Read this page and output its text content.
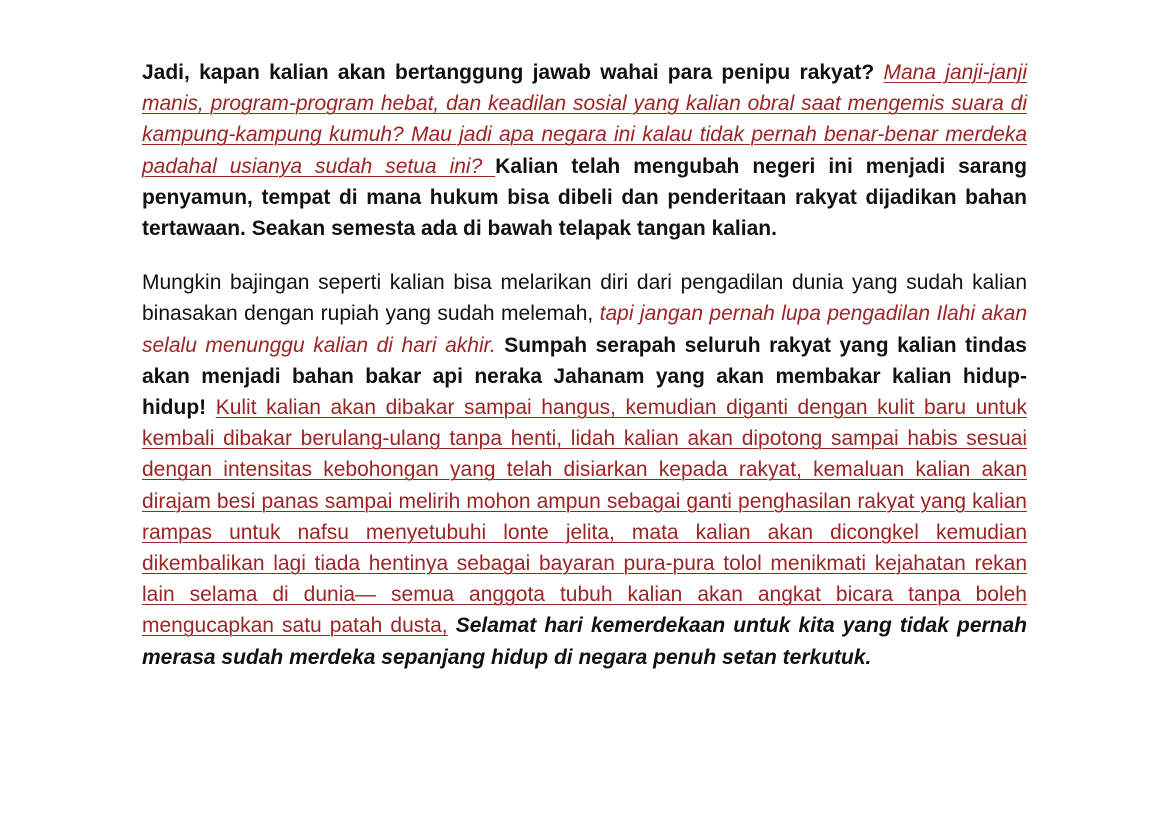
Jadi, kapan kalian akan bertanggung jawab wahai para penipu rakyat? Mana janji-janji manis, program-program hebat, dan keadilan sosial yang kalian obral saat mengemis suara di kampung-kampung kumuh? Mau jadi apa negara ini kalau tidak pernah benar-benar merdeka padahal usianya sudah setua ini? Kalian telah mengubah negeri ini menjadi sarang penyamun, tempat di mana hukum bisa dibeli dan penderitaan rakyat dijadikan bahan tertawaan. Seakan semesta ada di bawah telapak tangan kalian.

Mungkin bajingan seperti kalian bisa melarikan diri dari pengadilan dunia yang sudah kalian binasakan dengan rupiah yang sudah melemah, tapi jangan pernah lupa pengadilan Ilahi akan selalu menunggu kalian di hari akhir. Sumpah serapah seluruh rakyat yang kalian tindas akan menjadi bahan bakar api neraka Jahanam yang akan membakar kalian hidup-hidup! Kulit kalian akan dibakar sampai hangus, kemudian diganti dengan kulit baru untuk kembali dibakar berulang-ulang tanpa henti, lidah kalian akan dipotong sampai habis sesuai dengan intensitas kebohongan yang telah disiarkan kepada rakyat, kemaluan kalian akan dirajam besi panas sampai melirih mohon ampun sebagai ganti penghasilan rakyat yang kalian rampas untuk nafsu menyetubuhi lonte jelita, mata kalian akan dicongkel kemudian dikembalikan lagi tiada hentinya sebagai bayaran pura-pura tolol menikmati kejahatan rekan lain selama di dunia— semua anggota tubuh kalian akan angkat bicara tanpa boleh mengucapkan satu patah dusta, Selamat hari kemerdekaan untuk kita yang tidak pernah merasa sudah merdeka sepanjang hidup di negara penuh setan terkutuk.
